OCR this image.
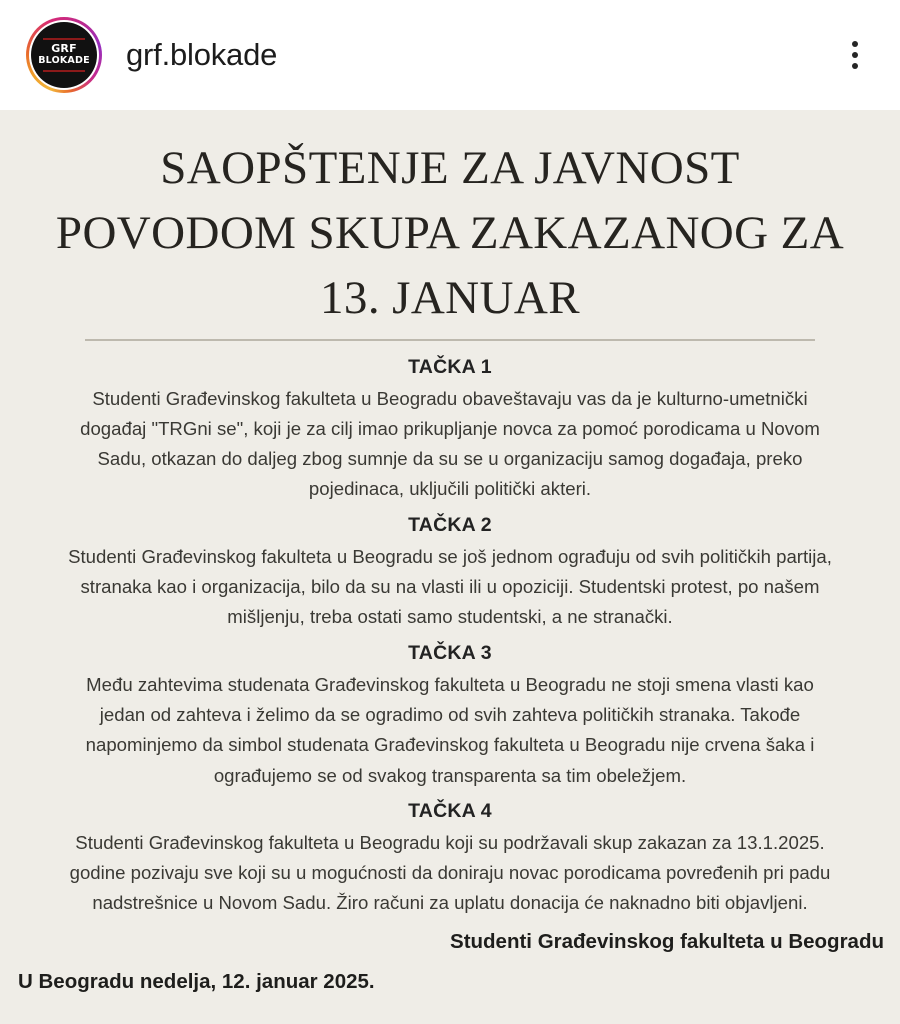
GRF
BLOKADE grf.blokade
SAOPŠTENJE ZA JAVNOST POVODOM SKUPA ZAKAZANOG ZA 13. JANUAR
TAČKA 1

Studenti Građevinskog fakulteta u Beogradu obaveštavaju vas da je kulturno-umetnički događaj "TRGni se", koji je za cilj imao prikupljanje novca za pomoć porodicama u Novom Sadu, otkazan do daljeg zbog sumnje da su se u organizaciju samog događaja, preko pojedinaca, uključili politički akteri.

TAČKA 2

Studenti Građevinskog fakulteta u Beogradu se još jednom ograđuju od svih političkih partija, stranaka kao i organizacija, bilo da su na vlasti ili u opoziciji. Studentski protest, po našem mišljenju, treba ostati samo studentski, a ne stranački.

TAČKA 3

Među zahtevima studenata Građevinskog fakulteta u Beogradu ne stoji smena vlasti kao jedan od zahteva i želimo da se ogradimo od svih zahteva političkih stranaka. Takođe napominjemo da simbol studenata Građevinskog fakulteta u Beogradu nije crvena šaka i ograđujemo se od svakog transparenta sa tim obeležjem.

TAČKA 4

Studenti Građevinskog fakulteta u Beogradu koji su podržavali skup zakazan za 13.1.2025. godine pozivaju sve koji su u mogućnosti da doniraju novac porodicama povređenih pri padu nadstrešnice u Novom Sadu. Žiro računi za uplatu donacija će naknadno biti objavljeni.

Studenti Građevinskog fakulteta u Beogradu
U Beogradu nedelja, 12. januar 2025.
